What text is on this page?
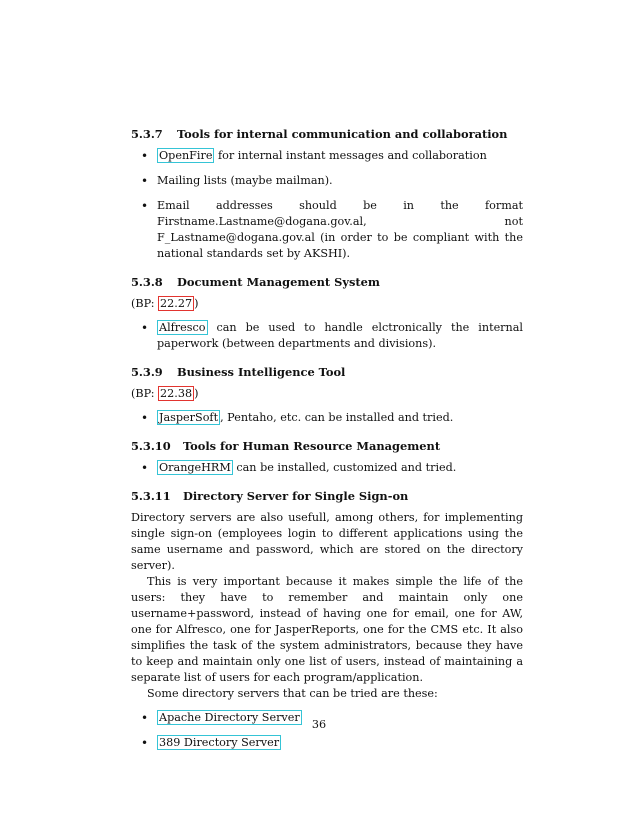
5.3.7 Tools for internal communication and collaboration
• OpenFire for internal instant messages and collaboration
• Mailing lists (maybe mailman).
• Email addresses should be in the format Firstname.Lastname@dogana.gov.al, not F_Lastname@dogana.gov.al (in order to be compliant with the national standards set by AKSHI).
5.3.8 Document Management System

(BP: 22.27 )

• Alfresco can be used to handle elctronically the internal paperwork (between departments and divisions).
5.3.9 Business Intelligence Tool

(BP: 22.38 )

• JasperSoft , Pentaho, etc. can be installed and tried.
5.3.10 Tools for Human Resource Management
• OrangeHRM can be installed, customized and tried.
5.3.11 Directory Server for Single Sign-on

Directory servers are also usefull, among others, for implementing single sign-on (employees login to different applications using the same username and password, which are stored on the directory server).

This is very important because it makes simple the life of the users: they have to remember and maintain only one username+password, instead of having one for email, one for AW, one for Alfresco, one for JasperReports, one for the CMS etc. It also simplifies the task of the system administrators, because they have to keep and maintain only one list of users, instead of maintaining a separate list of users for each program/application.

Some directory servers that can be tried are these:

• Apache Directory Server
• 389 Directory Server
36
